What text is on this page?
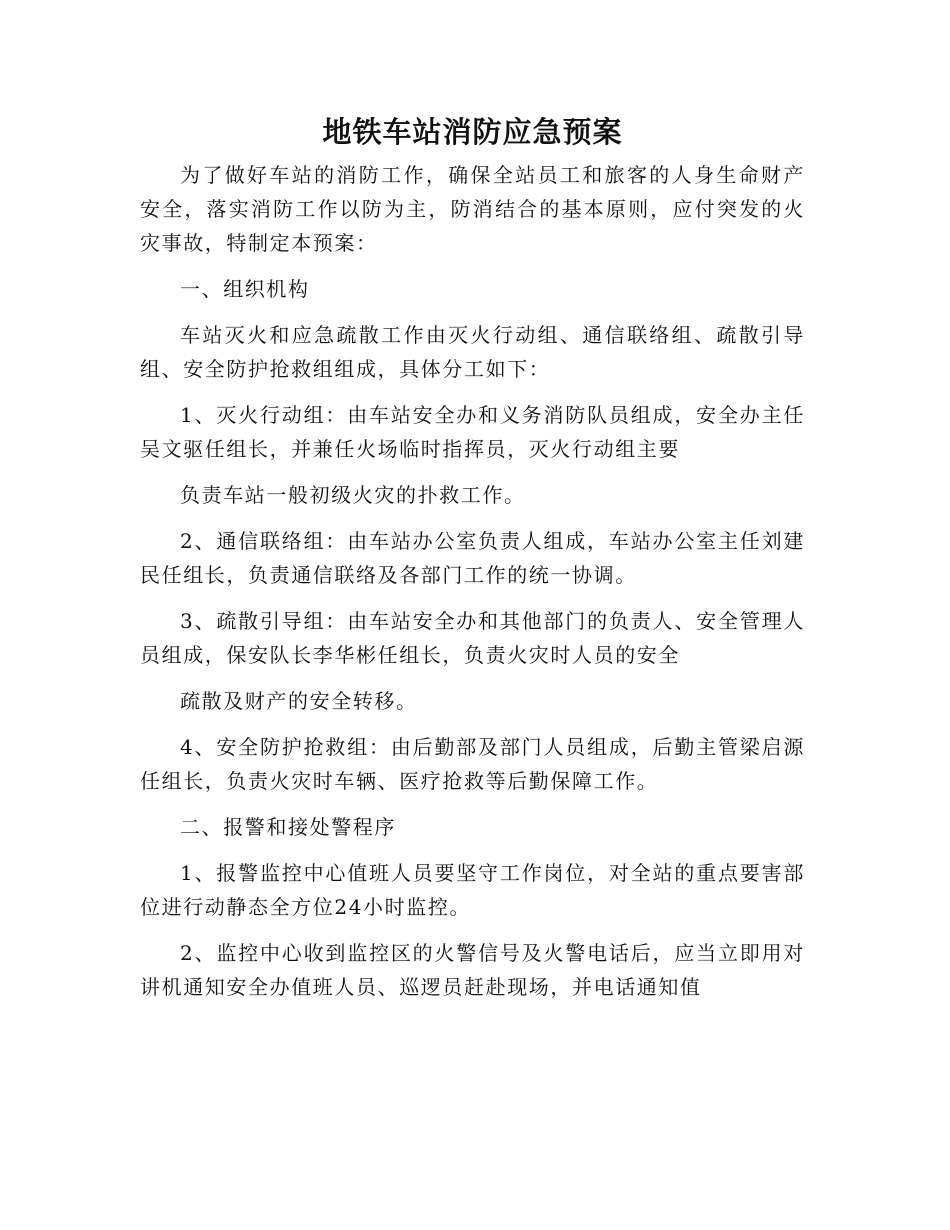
地铁车站消防应急预案

为了做好车站的消防工作，确保全站员工和旅客的人身生命财产安全，落实消防工作以防为主，防消结合的基本原则，应付突发的火灾事故，特制定本预案：

一、组织机构

车站灭火和应急疏散工作由灭火行动组、通信联络组、疏散引导组、安全防护抢救组组成，具体分工如下：

1、灭火行动组：由车站安全办和义务消防队员组成，安全办主任吴文驱任组长，并兼任火场临时指挥员，灭火行动组主要

负责车站一般初级火灾的扑救工作。

2、通信联络组：由车站办公室负责人组成，车站办公室主任刘建民任组长，负责通信联络及各部门工作的统一协调。

3、疏散引导组：由车站安全办和其他部门的负责人、安全管理人员组成，保安队长李华彬任组长，负责火灾时人员的安全

疏散及财产的安全转移。

4、安全防护抢救组：由后勤部及部门人员组成，后勤主管梁启源任组长，负责火灾时车辆、医疗抢救等后勤保障工作。

二、报警和接处警程序

1、报警监控中心值班人员要坚守工作岗位，对全站的重点要害部位进行动静态全方位24小时监控。

2、监控中心收到监控区的火警信号及火警电话后，应当立即用对讲机通知安全办值班人员、巡逻员赶赴现场，并电话通知值
